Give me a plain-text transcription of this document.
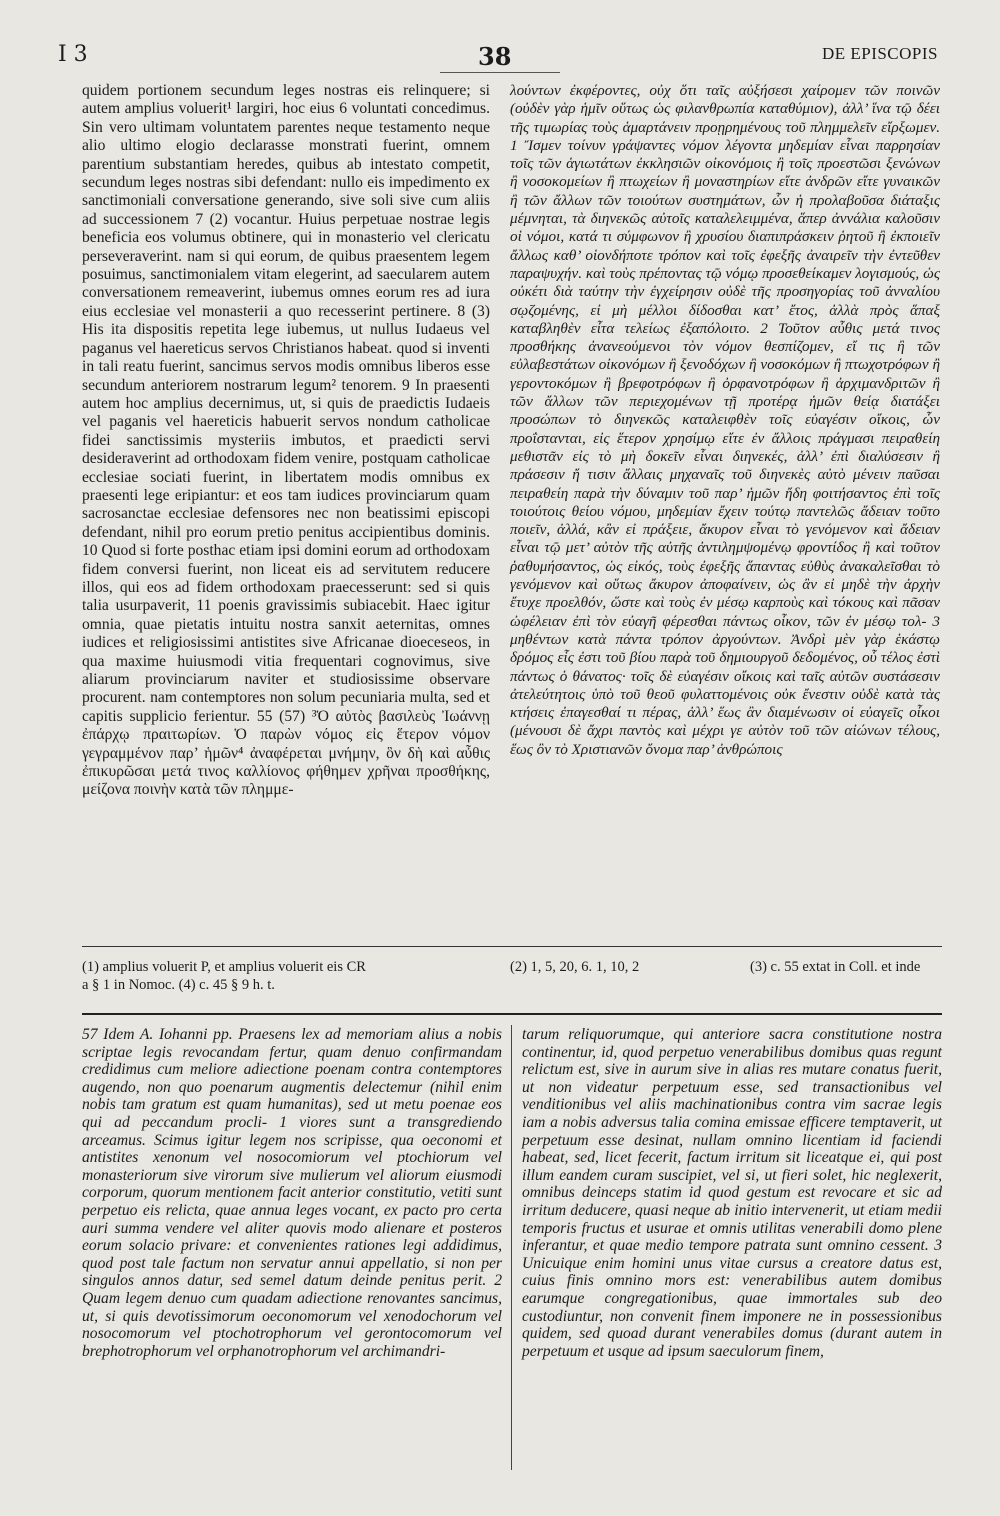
I 3	38	DE EPISCOPIS

quidem portionem secundum leges nostras eis relinquere; si autem amplius voluerit¹ largiri, hoc eius 6 voluntati concedimus. Sin vero ultimam voluntatem parentes neque testamento neque alio ultimo elogio declarasse monstrati fuerint, omnem parentium substantiam heredes, quibus ab intestato competit, secundum leges nostras sibi defendant: nullo eis impedimento ex sanctimoniali conversatione generando, sive soli sive cum aliis ad successionem 7 (2) vocantur. Huius perpetuae nostrae legis beneficia eos volumus obtinere, qui in monasterio vel clericatu perseveraverint. nam si qui eorum, de quibus praesentem legem posuimus, sanctimonialem vitam elegerint, ad saecularem autem conversationem remeaverint, iubemus omnes eorum res ad iura eius ecclesiae vel monasterii a quo recesserint pertinere. 8 (3) His ita dispositis repetita lege iubemus, ut nullus Iudaeus vel paganus vel haereticus servos Christianos habeat. quod si inventi in tali reatu fuerint, sancimus servos modis omnibus liberos esse secundum anteriorem nostrarum legum² tenorem. 9 In praesenti autem hoc amplius decernimus, ut, si quis de praedictis Iudaeis vel paganis vel haereticis habuerit servos nondum catholicae fidei sanctissimis mysteriis imbutos, et praedicti servi desideraverint ad orthodoxam fidem venire, postquam catholicae ecclesiae sociati fuerint, in libertatem modis omnibus ex praesenti lege eripiantur: et eos tam iudices provinciarum quam sacrosanctae ecclesiae defensores nec non beatissimi episcopi defendant, nihil pro eorum pretio penitus accipientibus dominis. 10 Quod si forte posthac etiam ipsi domini eorum ad orthodoxam fidem conversi fuerint, non liceat eis ad servitutem reducere illos, qui eos ad fidem orthodoxam praecesserunt: sed si quis talia usurpaverit, 11 poenis gravissimis subiacebit. Haec igitur omnia, quae pietatis intuitu nostra sanxit aeternitas, omnes iudices et religiosissimi antistites sive Africanae dioeceseos, in qua maxime huiusmodi vitia frequentari cognovimus, sive aliarum provinciarum naviter et studiosissime observare procurent. nam contemptores non solum pecuniaria multa, sed et capitis supplicio ferientur. 55 (57) ³Ὁ αὐτὸς βασιλεὺς Ἰωάννῃ ἐπάρχῳ πραιτωρίων. Ὁ παρὼν νόμος εἰς ἕτερον νόμον γεγραμμένον παρ’ ἡμῶν⁴ ἀναφέρεται μνήμην, ὃν δὴ καὶ αὖθις ἐπικυρῶσαι μετά τινος καλλίονος φήθημεν χρῆναι προσθήκης, μείζονα ποινὴν κατὰ τῶν πλημμε-

λούντων ἐκφέροντες, οὐχ ὅτι ταῖς αὐξήσεσι χαίρομεν τῶν ποινῶν (οὐδὲν γὰρ ἡμῖν οὕτως ὡς φιλανθρωπία καταθύμιον), ἀλλ’ ἵνα τῷ δέει τῆς τιμωρίας τοὺς ἁμαρτάνειν προῃρημένους τοῦ πλημμελεῖν εἴρξωμεν. 1 Ἴσμεν τοίνυν γράψαντες νόμον λέγοντα μηδεμίαν εἶναι παρρησίαν τοῖς τῶν ἁγιωτάτων ἐκκλησιῶν οἰκονόμοις ἢ τοῖς προεστῶσι ξενώνων ἢ νοσοκομείων ἢ πτωχείων ἢ μοναστηρίων εἴτε ἀνδρῶν εἴτε γυναικῶν ἢ τῶν ἄλλων τῶν τοιούτων συστημάτων, ὧν ἡ προλαβοῦσα διάταξις μέμνηται, τὰ διηνεκῶς αὐτοῖς καταλελειμμένα, ἅπερ ἀννάλια καλοῦσιν οἱ νόμοι, κατά τι σύμφωνον ἢ χρυσίου διαπιπράσκειν ῥητοῦ ἢ ἐκποιεῖν ἄλλως καθ’ οἱονδήποτε τρόπον καὶ τοῖς ἐφεξῆς ἀναιρεῖν τὴν ἐντεῦθεν παραψυχήν. καὶ τοὺς πρέποντας τῷ νόμῳ προσεθείκαμεν λογισμούς, ὡς οὐκέτι διὰ ταύτην τὴν ἐγχείρησιν οὐδὲ τῆς προσηγορίας τοῦ ἀνναλίου σῳζομένης, εἰ μὴ μέλλοι δίδοσθαι κατ’ ἔτος, ἀλλὰ πρὸς ἅπαξ καταβληθὲν εἶτα τελείως ἐξαπόλοιτο. 2 Τοῦτον αὖθις μετά τινος προσθήκης ἀνανεούμενοι τὸν νόμον θεσπίζομεν, εἴ τις ἢ τῶν εὐλαβεστάτων οἰκονόμων ἢ ξενοδόχων ἢ νοσοκόμων ἢ πτωχοτρόφων ἢ γεροντοκόμων ἢ βρεφοτρόφων ἢ ὀρφανοτρόφων ἢ ἀρχιμανδριτῶν ἢ τῶν ἄλλων τῶν περιεχομένων τῇ προτέρᾳ ἡμῶν θείᾳ διατάξει προσώπων τὸ διηνεκῶς καταλειφθὲν τοῖς εὐαγέσιν οἴκοις, ὧν προΐστανται, εἰς ἕτερον χρησίμῳ εἴτε ἐν ἄλλοις πράγμασι πειραθείη μεθιστᾶν εἰς τὸ μὴ δοκεῖν εἶναι διηνεκές, ἀλλ’ ἐπὶ διαλύσεσιν ἢ πράσεσιν ἤ τισιν ἄλλαις μηχαναῖς τοῦ διηνεκὲς αὐτὸ μένειν παῦσαι πειραθείη παρὰ τὴν δύναμιν τοῦ παρ’ ἡμῶν ἤδη φοιτήσαντος ἐπὶ τοῖς τοιούτοις θείου νόμου, μηδεμίαν ἔχειν τούτῳ παντελῶς ἄδειαν τοῦτο ποιεῖν, ἀλλά, κἂν εἰ πράξειε, ἄκυρον εἶναι τὸ γενόμενον καὶ ἄδειαν εἶναι τῷ μετ’ αὐτὸν τῆς αὐτῆς ἀντιλημψομένῳ φροντίδος ἢ καὶ τοῦτον ῥαθυμήσαντος, ὡς εἰκός, τοὺς ἐφεξῆς ἅπαντας εὐθὺς ἀνακαλεῖσθαι τὸ γενόμενον καὶ οὕτως ἄκυρον ἀποφαίνειν, ὡς ἂν εἰ μηδὲ τὴν ἀρχὴν ἔτυχε προελθόν, ὥστε καὶ τοὺς ἐν μέσῳ καρποὺς καὶ τόκους καὶ πᾶσαν ὠφέλειαν ἐπὶ τὸν εὐαγῆ φέρεσθαι πάντως οἶκον, τῶν ἐν μέσῳ τολ- 3 μηθέντων κατὰ πάντα τρόπον ἀργούντων. Ἀνδρὶ μὲν γὰρ ἑκάστῳ δρόμος εἷς ἐστι τοῦ βίου παρὰ τοῦ δημιουργοῦ δεδομένος, οὗ τέλος ἐστὶ πάντως ὁ θάνατος· τοῖς δὲ εὐαγέσιν οἴκοις καὶ ταῖς αὐτῶν συστάσεσιν ἀτελεύτητοις ὑπὸ τοῦ θεοῦ φυλαττομένοις οὐκ ἔνεστιν οὐδὲ κατὰ τὰς κτήσεις ἐπαγεσθαί τι πέρας, ἀλλ’ ἕως ἂν διαμένωσιν οἱ εὐαγεῖς οἶκοι (μένουσι δὲ ἄχρι παντὸς καὶ μέχρι γε αὐτὸν τοῦ τῶν αἰώνων τέλους, ἕως ὂν τὸ Χριστιανῶν ὄνομα παρ’ ἀνθρώποις

(1) amplius voluerit P, et amplius voluerit eis CR	(2) 1, 5, 20, 6. 1, 10, 2	(3) c. 55 extat in Coll. et inde
a § 1 in Nomoc. (4) c. 45 § 9 h. t.

57 Idem A. Iohanni pp. Praesens lex ad memoriam alius a nobis scriptae legis revocandam fertur, quam denuo confirmandam credidimus cum meliore adiectione poenam contra contemptores augendo, non quo poenarum augmentis delectemur (nihil enim nobis tam gratum est quam humanitas), sed ut metu poenae eos qui ad peccandum procli- 1 viores sunt a transgrediendo arceamus. Scimus igitur legem nos scripisse, qua oeconomi et antistites xenonum vel nosocomiorum vel ptochiorum vel monasteriorum sive virorum sive mulierum vel aliorum eiusmodi corporum, quorum mentionem facit anterior constitutio, vetiti sunt perpetuo eis relicta, quae annua leges vocant, ex pacto pro certa auri summa vendere vel aliter quovis modo alienare et posteros eorum solacio privare: et convenientes rationes legi addidimus, quod post tale factum non servatur annui appellatio, si non per singulos annos datur, sed semel datum deinde penitus perit. 2 Quam legem denuo cum quadam adiectione renovantes sancimus, ut, si quis devotissimorum oeconomorum vel xenodochorum vel nosocomorum vel ptochotrophorum vel gerontocomorum vel brephotrophorum vel orphanotrophorum vel archimandri-

tarum reliquorumque, qui anteriore sacra constitutione nostra continentur, id, quod perpetuo venerabilibus domibus quas regunt relictum est, sive in aurum sive in alias res mutare conatus fuerit, ut non videatur perpetuum esse, sed transactionibus vel venditionibus vel aliis machinationibus contra vim sacrae legis iam a nobis adversus talia comina emissae efficere temptaverit, ut perpetuum esse desinat, nullam omnino licentiam id faciendi habeat, sed, licet fecerit, factum irritum sit liceatque ei, qui post illum eandem curam suscipiet, vel si, ut fieri solet, hic neglexerit, omnibus deinceps statim id quod gestum est revocare et sic ad irritum deducere, quasi neque ab initio intervenerit, ut etiam medii temporis fructus et usurae et omnis utilitas venerabili domo plene inferantur, et quae medio tempore patrata sunt omnino cessent. 3 Unicuique enim homini unus vitae cursus a creatore datus est, cuius finis omnino mors est: venerabilibus autem domibus earumque congregationibus, quae immortales sub deo custodiuntur, non convenit finem imponere ne in possessionibus quidem, sed quoad durant venerabiles domus (durant autem in perpetuum et usque ad ipsum saeculorum finem,
